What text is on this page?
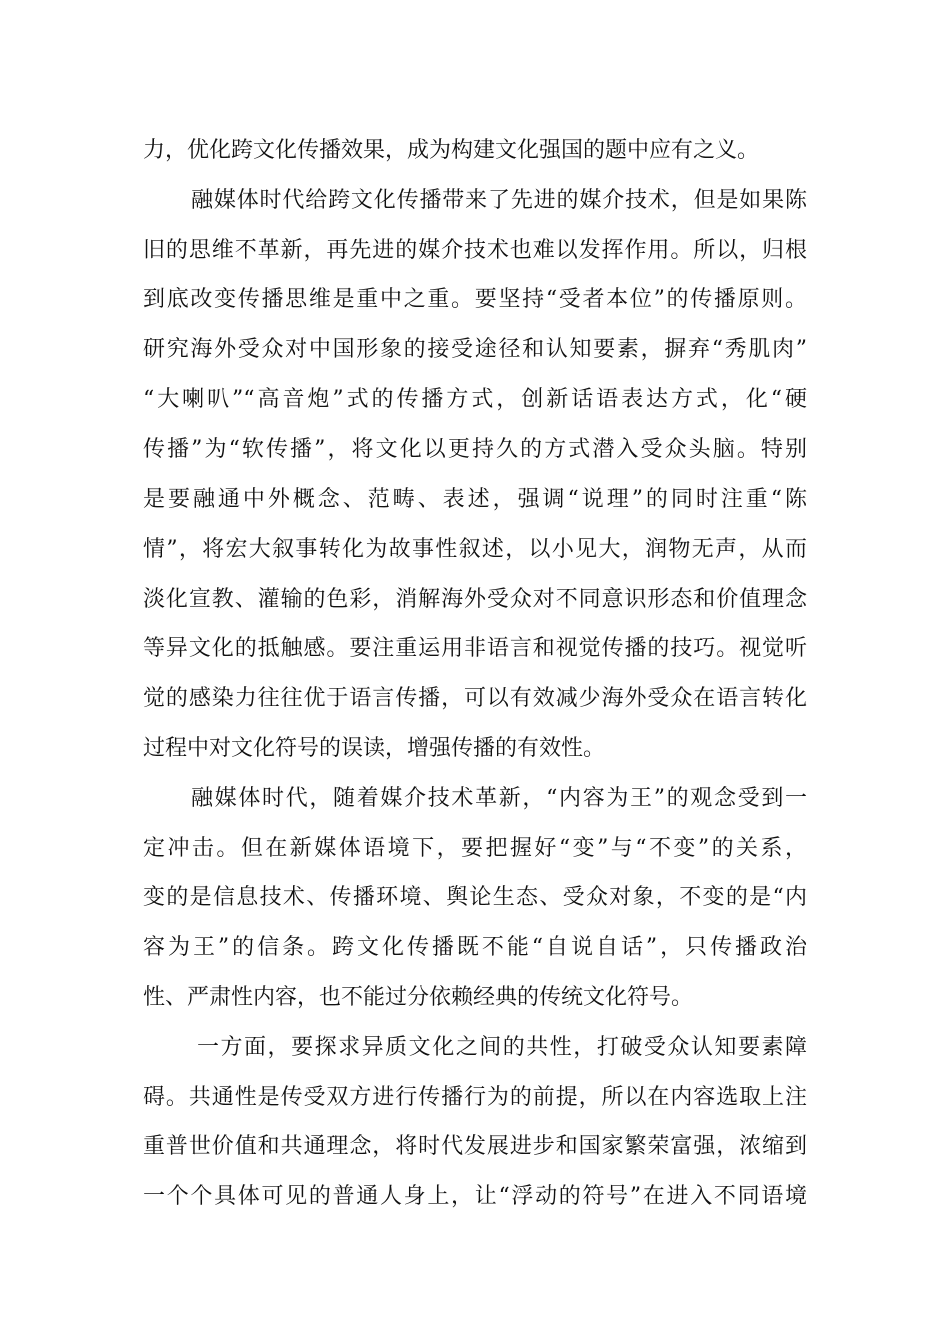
力，优化跨文化传播效果，成为构建文化强国的题中应有之义。
融媒体时代给跨文化传播带来了先进的媒介技术，但是如果陈
旧的思维不革新，再先进的媒介技术也难以发挥作用。所以，归根
到底改变传播思维是重中之重。要坚持“受者本位”的传播原则。
研究海外受众对中国形象的接受途径和认知要素，摒弃“秀肌肉”
“大喇叭”“高音炮”式的传播方式，创新话语表达方式，化“硬
传播”为“软传播”，将文化以更持久的方式潜入受众头脑。特别
是要融通中外概念、范畴、表述，强调“说理”的同时注重“陈
情”，将宏大叙事转化为故事性叙述，以小见大，润物无声，从而
淡化宣教、灌输的色彩，消解海外受众对不同意识形态和价值理念
等异文化的抵触感。要注重运用非语言和视觉传播的技巧。视觉听
觉的感染力往往优于语言传播，可以有效减少海外受众在语言转化
过程中对文化符号的误读，增强传播的有效性。
融媒体时代，随着媒介技术革新，“内容为王”的观念受到一
定冲击。但在新媒体语境下，要把握好“变”与“不变”的关系，
变的是信息技术、传播环境、舆论生态、受众对象，不变的是“内
容为王”的信条。跨文化传播既不能“自说自话”，只传播政治
性、严肃性内容，也不能过分依赖经典的传统文化符号。
一方面，要探求异质文化之间的共性，打破受众认知要素障
碍。共通性是传受双方进行传播行为的前提，所以在内容选取上注
重普世价值和共通理念，将时代发展进步和国家繁荣富强，浓缩到
一个个具体可见的普通人身上，让“浮动的符号”在进入不同语境
